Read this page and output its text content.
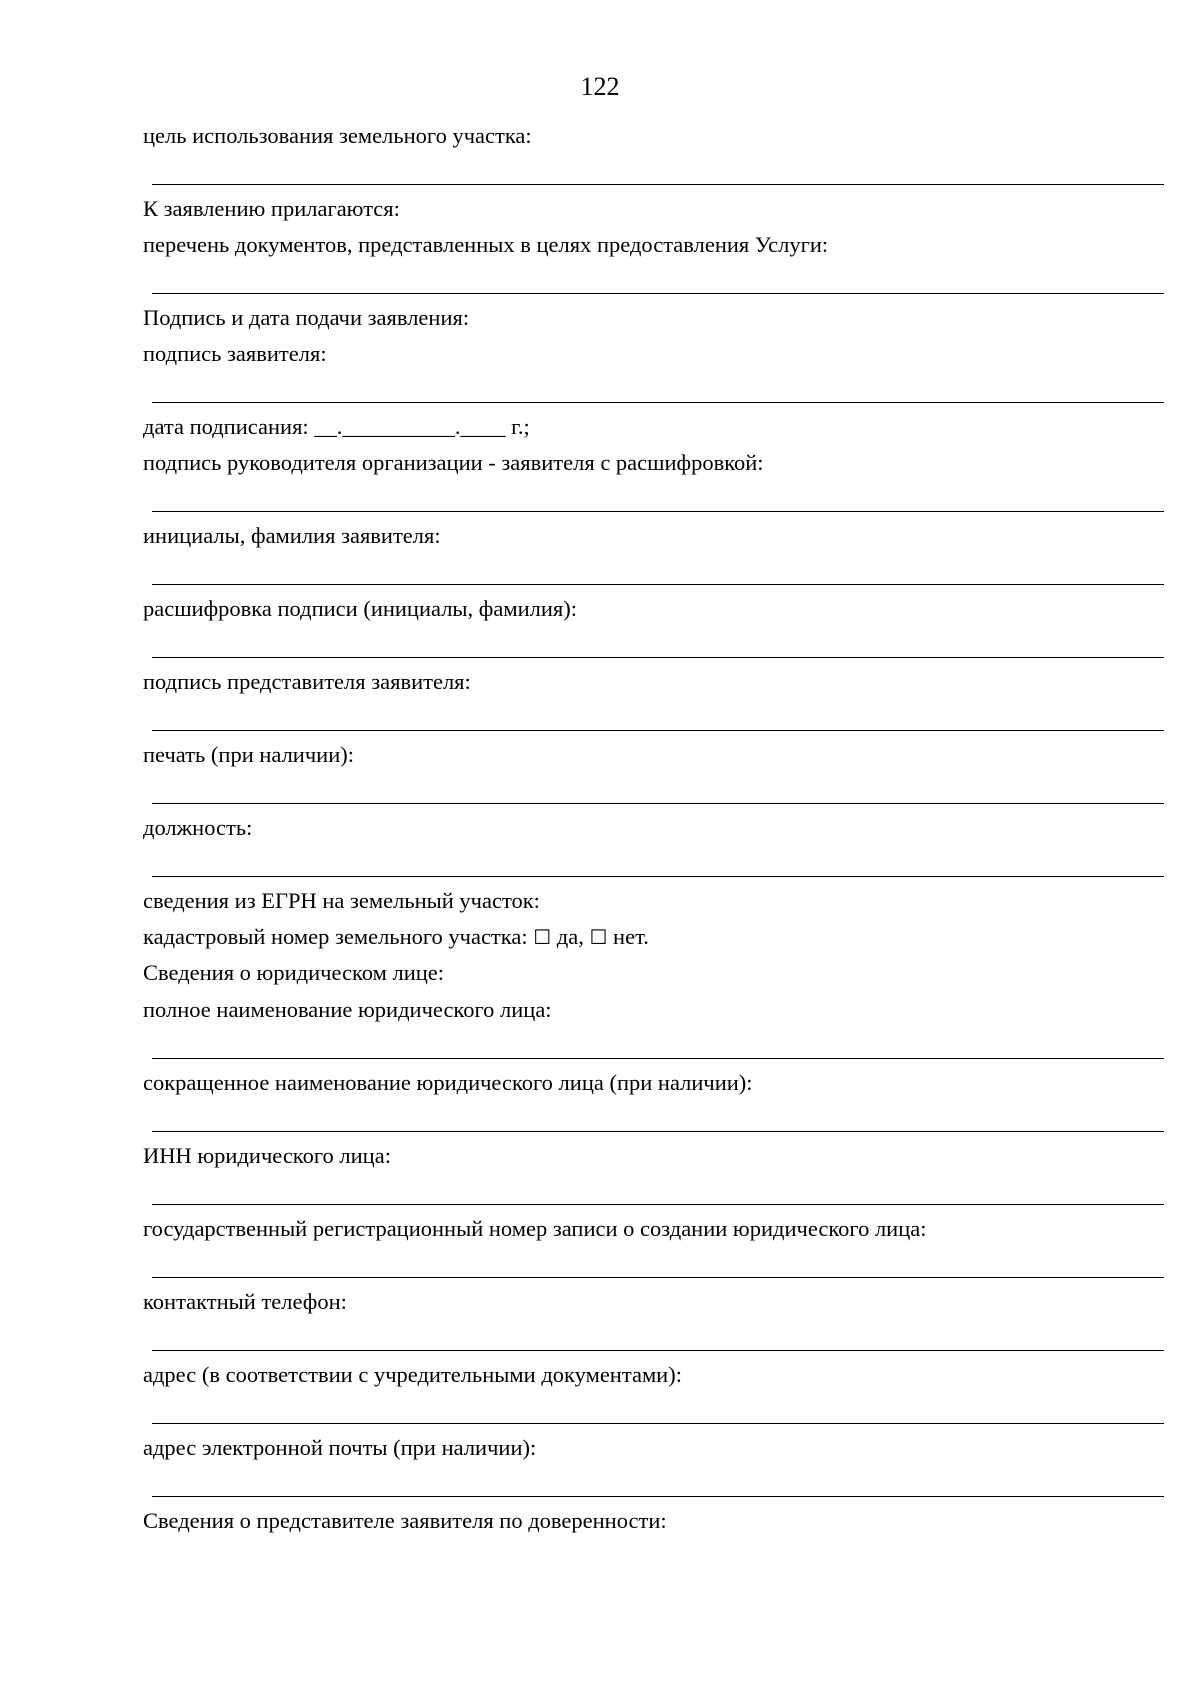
122
цель использования земельного участка:
К заявлению прилагаются:
перечень документов, представленных в целях предоставления Услуги:
Подпись и дата подачи заявления:
подпись заявителя:
дата подписания: __.__________.____ г.;
подпись руководителя организации - заявителя с расшифровкой:
инициалы, фамилия заявителя:
расшифровка подписи (инициалы, фамилия):
подпись представителя заявителя:
печать (при наличии):
должность:
сведения из ЕГРН на земельный участок:
кадастровый номер земельного участка: ☐ да, ☐ нет.
Сведения о юридическом лице:
полное наименование юридического лица:
сокращенное наименование юридического лица (при наличии):
ИНН юридического лица:
государственный регистрационный номер записи о создании юридического лица:
контактный телефон:
адрес (в соответствии с учредительными документами):
адрес электронной почты (при наличии):
Сведения о представителе заявителя по доверенности:
